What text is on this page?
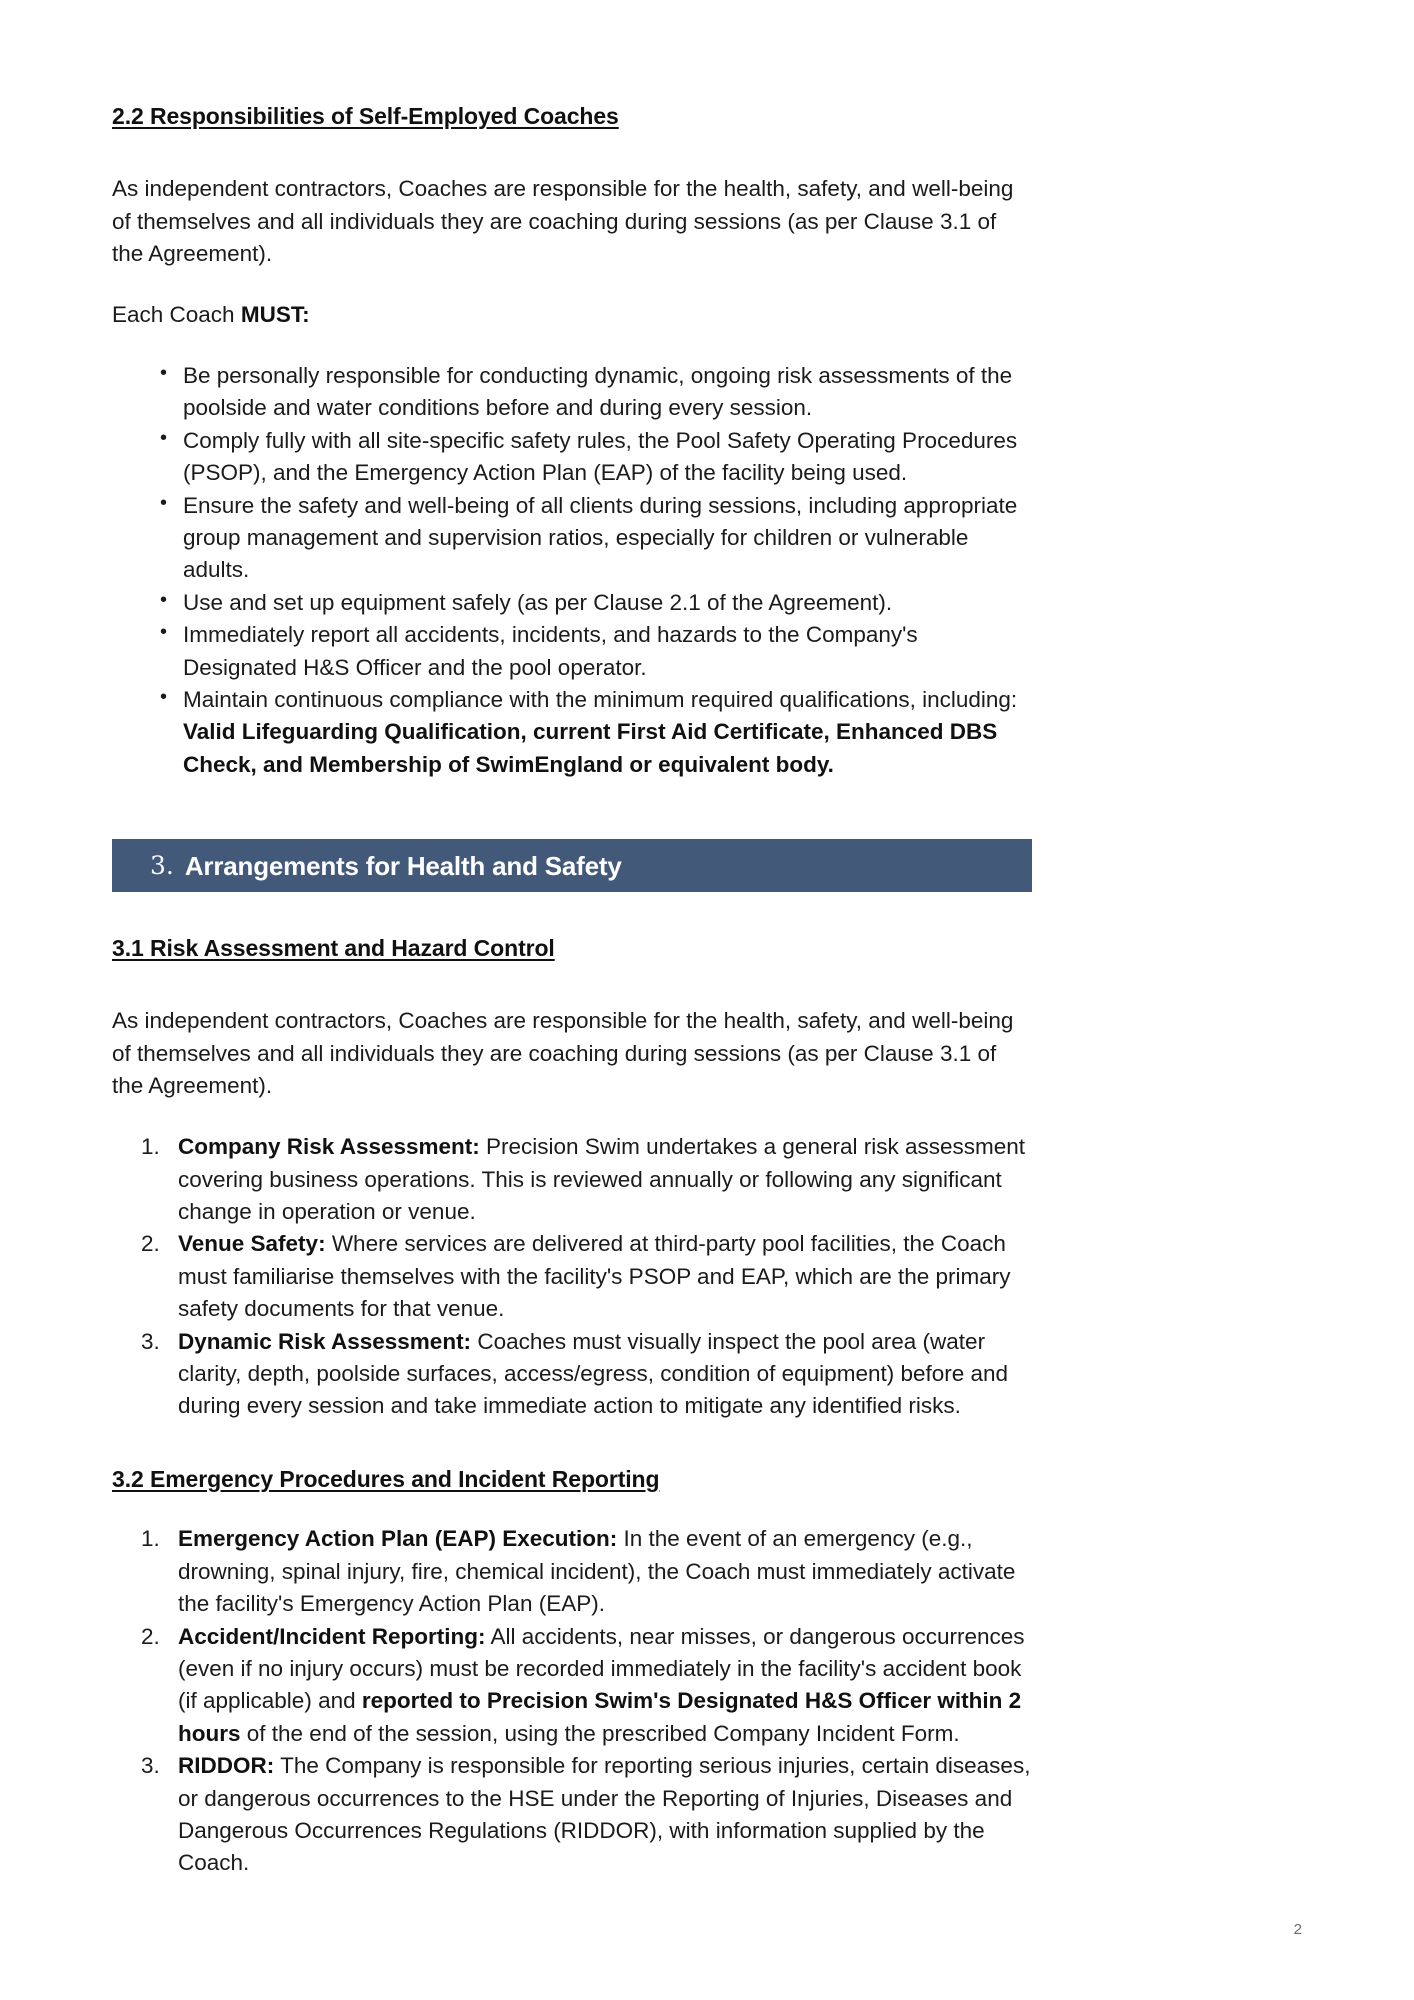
2.2 Responsibilities of Self-Employed Coaches

As independent contractors, Coaches are responsible for the health, safety, and well-being of themselves and all individuals they are coaching during sessions (as per Clause 3.1 of the Agreement).

Each Coach MUST:

• Be personally responsible for conducting dynamic, ongoing risk assessments of the poolside and water conditions before and during every session.
• Comply fully with all site-specific safety rules, the Pool Safety Operating Procedures (PSOP), and the Emergency Action Plan (EAP) of the facility being used.
• Ensure the safety and well-being of all clients during sessions, including appropriate group management and supervision ratios, especially for children or vulnerable adults.
• Use and set up equipment safely (as per Clause 2.1 of the Agreement).
• Immediately report all accidents, incidents, and hazards to the Company's Designated H&S Officer and the pool operator.
• Maintain continuous compliance with the minimum required qualifications, including: Valid Lifeguarding Qualification, current First Aid Certificate, Enhanced DBS Check, and Membership of SwimEngland or equivalent body.
3. Arrangements for Health and Safety
3.1 Risk Assessment and Hazard Control

As independent contractors, Coaches are responsible for the health, safety, and well-being of themselves and all individuals they are coaching during sessions (as per Clause 3.1 of the Agreement).

Company Risk Assessment: Precision Swim undertakes a general risk assessment covering business operations. This is reviewed annually or following any significant change in operation or venue.
Venue Safety: Where services are delivered at third-party pool facilities, the Coach must familiarise themselves with the facility's PSOP and EAP, which are the primary safety documents for that venue.
Dynamic Risk Assessment: Coaches must visually inspect the pool area (water clarity, depth, poolside surfaces, access/egress, condition of equipment) before and during every session and take immediate action to mitigate any identified risks.
3.2 Emergency Procedures and Incident Reporting
Emergency Action Plan (EAP) Execution: In the event of an emergency (e.g., drowning, spinal injury, fire, chemical incident), the Coach must immediately activate the facility's Emergency Action Plan (EAP).
Accident/Incident Reporting: All accidents, near misses, or dangerous occurrences (even if no injury occurs) must be recorded immediately in the facility's accident book (if applicable) and reported to Precision Swim's Designated H&S Officer within 2 hours of the end of the session, using the prescribed Company Incident Form.
RIDDOR: The Company is responsible for reporting serious injuries, certain diseases, or dangerous occurrences to the HSE under the Reporting of Injuries, Diseases and Dangerous Occurrences Regulations (RIDDOR), with information supplied by the Coach.
2
